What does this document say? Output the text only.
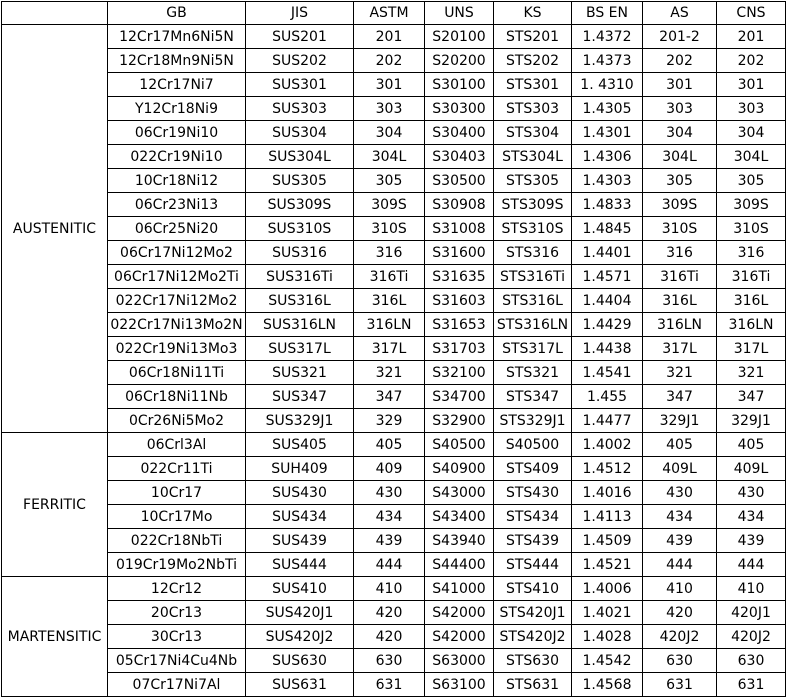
	GB	JIS	ASTM	UNS	KS	BS EN	AS	CNS
AUSTENITIC	12Cr17Mn6Ni5N	SUS201	201	S20100	STS201	1.4372	201-2	201
	12Cr18Mn9Ni5N	SUS202	202	S20200	STS202	1.4373	202	202
	12Cr17Ni7	SUS301	301	S30100	STS301	1. 4310	301	301
	Y12Cr18Ni9	SUS303	303	S30300	STS303	1.4305	303	303
	06Cr19Ni10	SUS304	304	S30400	STS304	1.4301	304	304
	022Cr19Ni10	SUS304L	304L	S30403	STS304L	1.4306	304L	304L
	10Cr18Ni12	SUS305	305	S30500	STS305	1.4303	305	305
	06Cr23Ni13	SUS309S	309S	S30908	STS309S	1.4833	309S	309S
	06Cr25Ni20	SUS310S	310S	S31008	STS310S	1.4845	310S	310S
	06Cr17Ni12Mo2	SUS316	316	S31600	STS316	1.4401	316	316
	06Cr17Ni12Mo2Ti	SUS316Ti	316Ti	S31635	STS316Ti	1.4571	316Ti	316Ti
	022Cr17Ni12Mo2	SUS316L	316L	S31603	STS316L	1.4404	316L	316L
	022Cr17Ni13Mo2N	SUS316LN	316LN	S31653	STS316LN	1.4429	316LN	316LN
	022Cr19Ni13Mo3	SUS317L	317L	S31703	STS317L	1.4438	317L	317L
	06Cr18Ni11Ti	SUS321	321	S32100	STS321	1.4541	321	321
	06Cr18Ni11Nb	SUS347	347	S34700	STS347	1.455	347	347
	0Cr26Ni5Mo2	SUS329J1	329	S32900	STS329J1	1.4477	329J1	329J1
FERRITIC	06Crl3Al	SUS405	405	S40500	S40500	1.4002	405	405
	022Cr11Ti	SUH409	409	S40900	STS409	1.4512	409L	409L
	10Cr17	SUS430	430	S43000	STS430	1.4016	430	430
	10Cr17Mo	SUS434	434	S43400	STS434	1.4113	434	434
	022Cr18NbTi	SUS439	439	S43940	STS439	1.4509	439	439
	019Cr19Mo2NbTi	SUS444	444	S44400	STS444	1.4521	444	444
MARTENSITIC	12Cr12	SUS410	410	S41000	STS410	1.4006	410	410
	20Cr13	SUS420J1	420	S42000	STS420J1	1.4021	420	420J1
	30Cr13	SUS420J2	420	S42000	STS420J2	1.4028	420J2	420J2
	05Cr17Ni4Cu4Nb	SUS630	630	S63000	STS630	1.4542	630	630
	07Cr17Ni7Al	SUS631	631	S63100	STS631	1.4568	631	631
